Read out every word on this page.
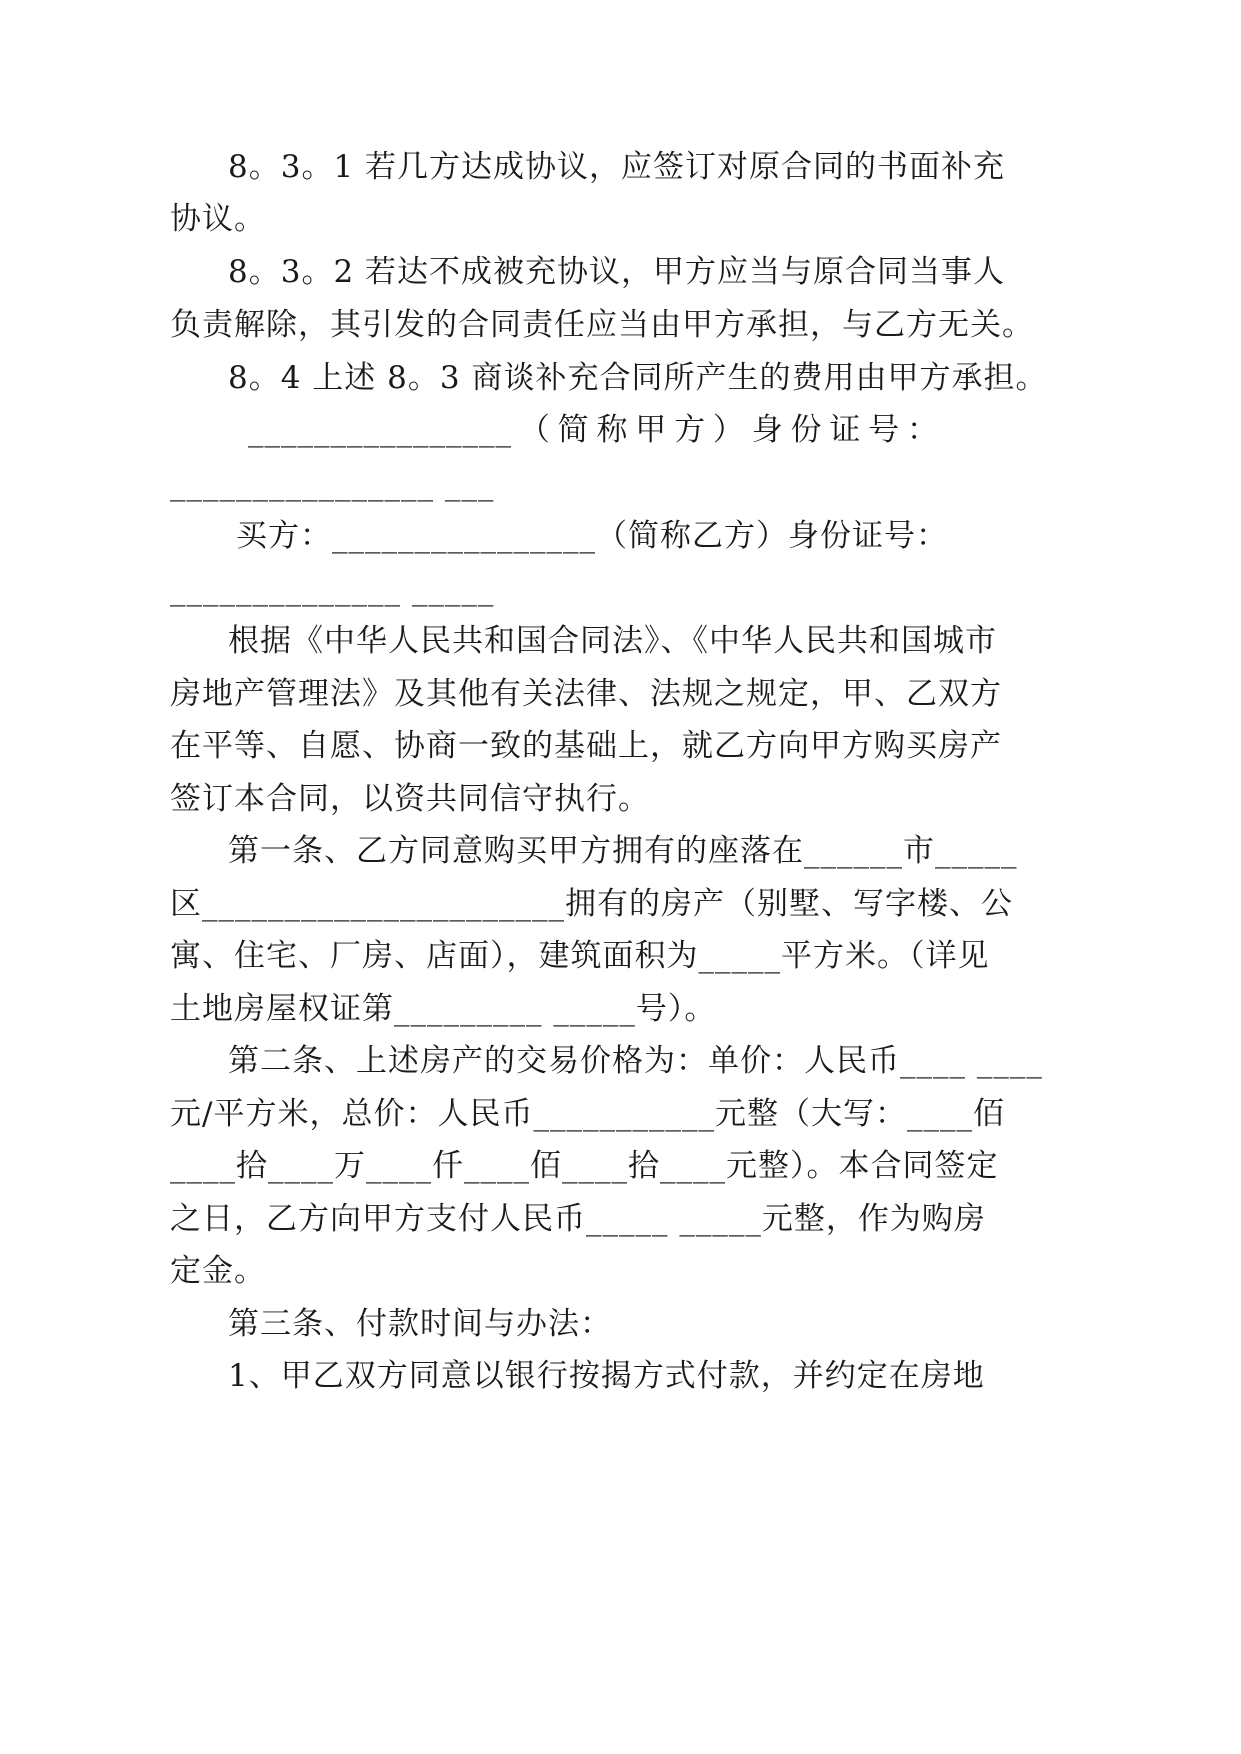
8。3。1 若几方达成协议，应签订对原合同的书面补充
协议。
8。3。2 若达不成被充协议，甲方应当与原合同当事人
负责解除，其引发的合同责任应当由甲方承担，与乙方无关。
8。4 上述 8。3 商谈补充合同所产生的费用由甲方承担。
________________（简称甲方）身份证号：
________________ ___
买方：________________（简称乙方）身份证号：
______________ _____
根据《中华人民共和国合同法》、《中华人民共和国城市
房地产管理法》及其他有关法律、法规之规定，甲、乙双方
在平等、自愿、协商一致的基础上，就乙方向甲方购买房产
签订本合同，以资共同信守执行。
第一条、乙方同意购买甲方拥有的座落在______市_____
区______________________拥有的房产（别墅、写字楼、公
寓、住宅、厂房、店面），建筑面积为_____平方米。（详见
土地房屋权证第_________ _____号）。
第二条、上述房产的交易价格为：单价：人民币____ ____
元/平方米，总价：人民币___________元整（大写：____佰
____拾____万____仟____佰____拾____元整）。本合同签定
之日，乙方向甲方支付人民币_____ _____元整，作为购房
定金。
第三条、付款时间与办法：
1、甲乙双方同意以银行按揭方式付款，并约定在房地
